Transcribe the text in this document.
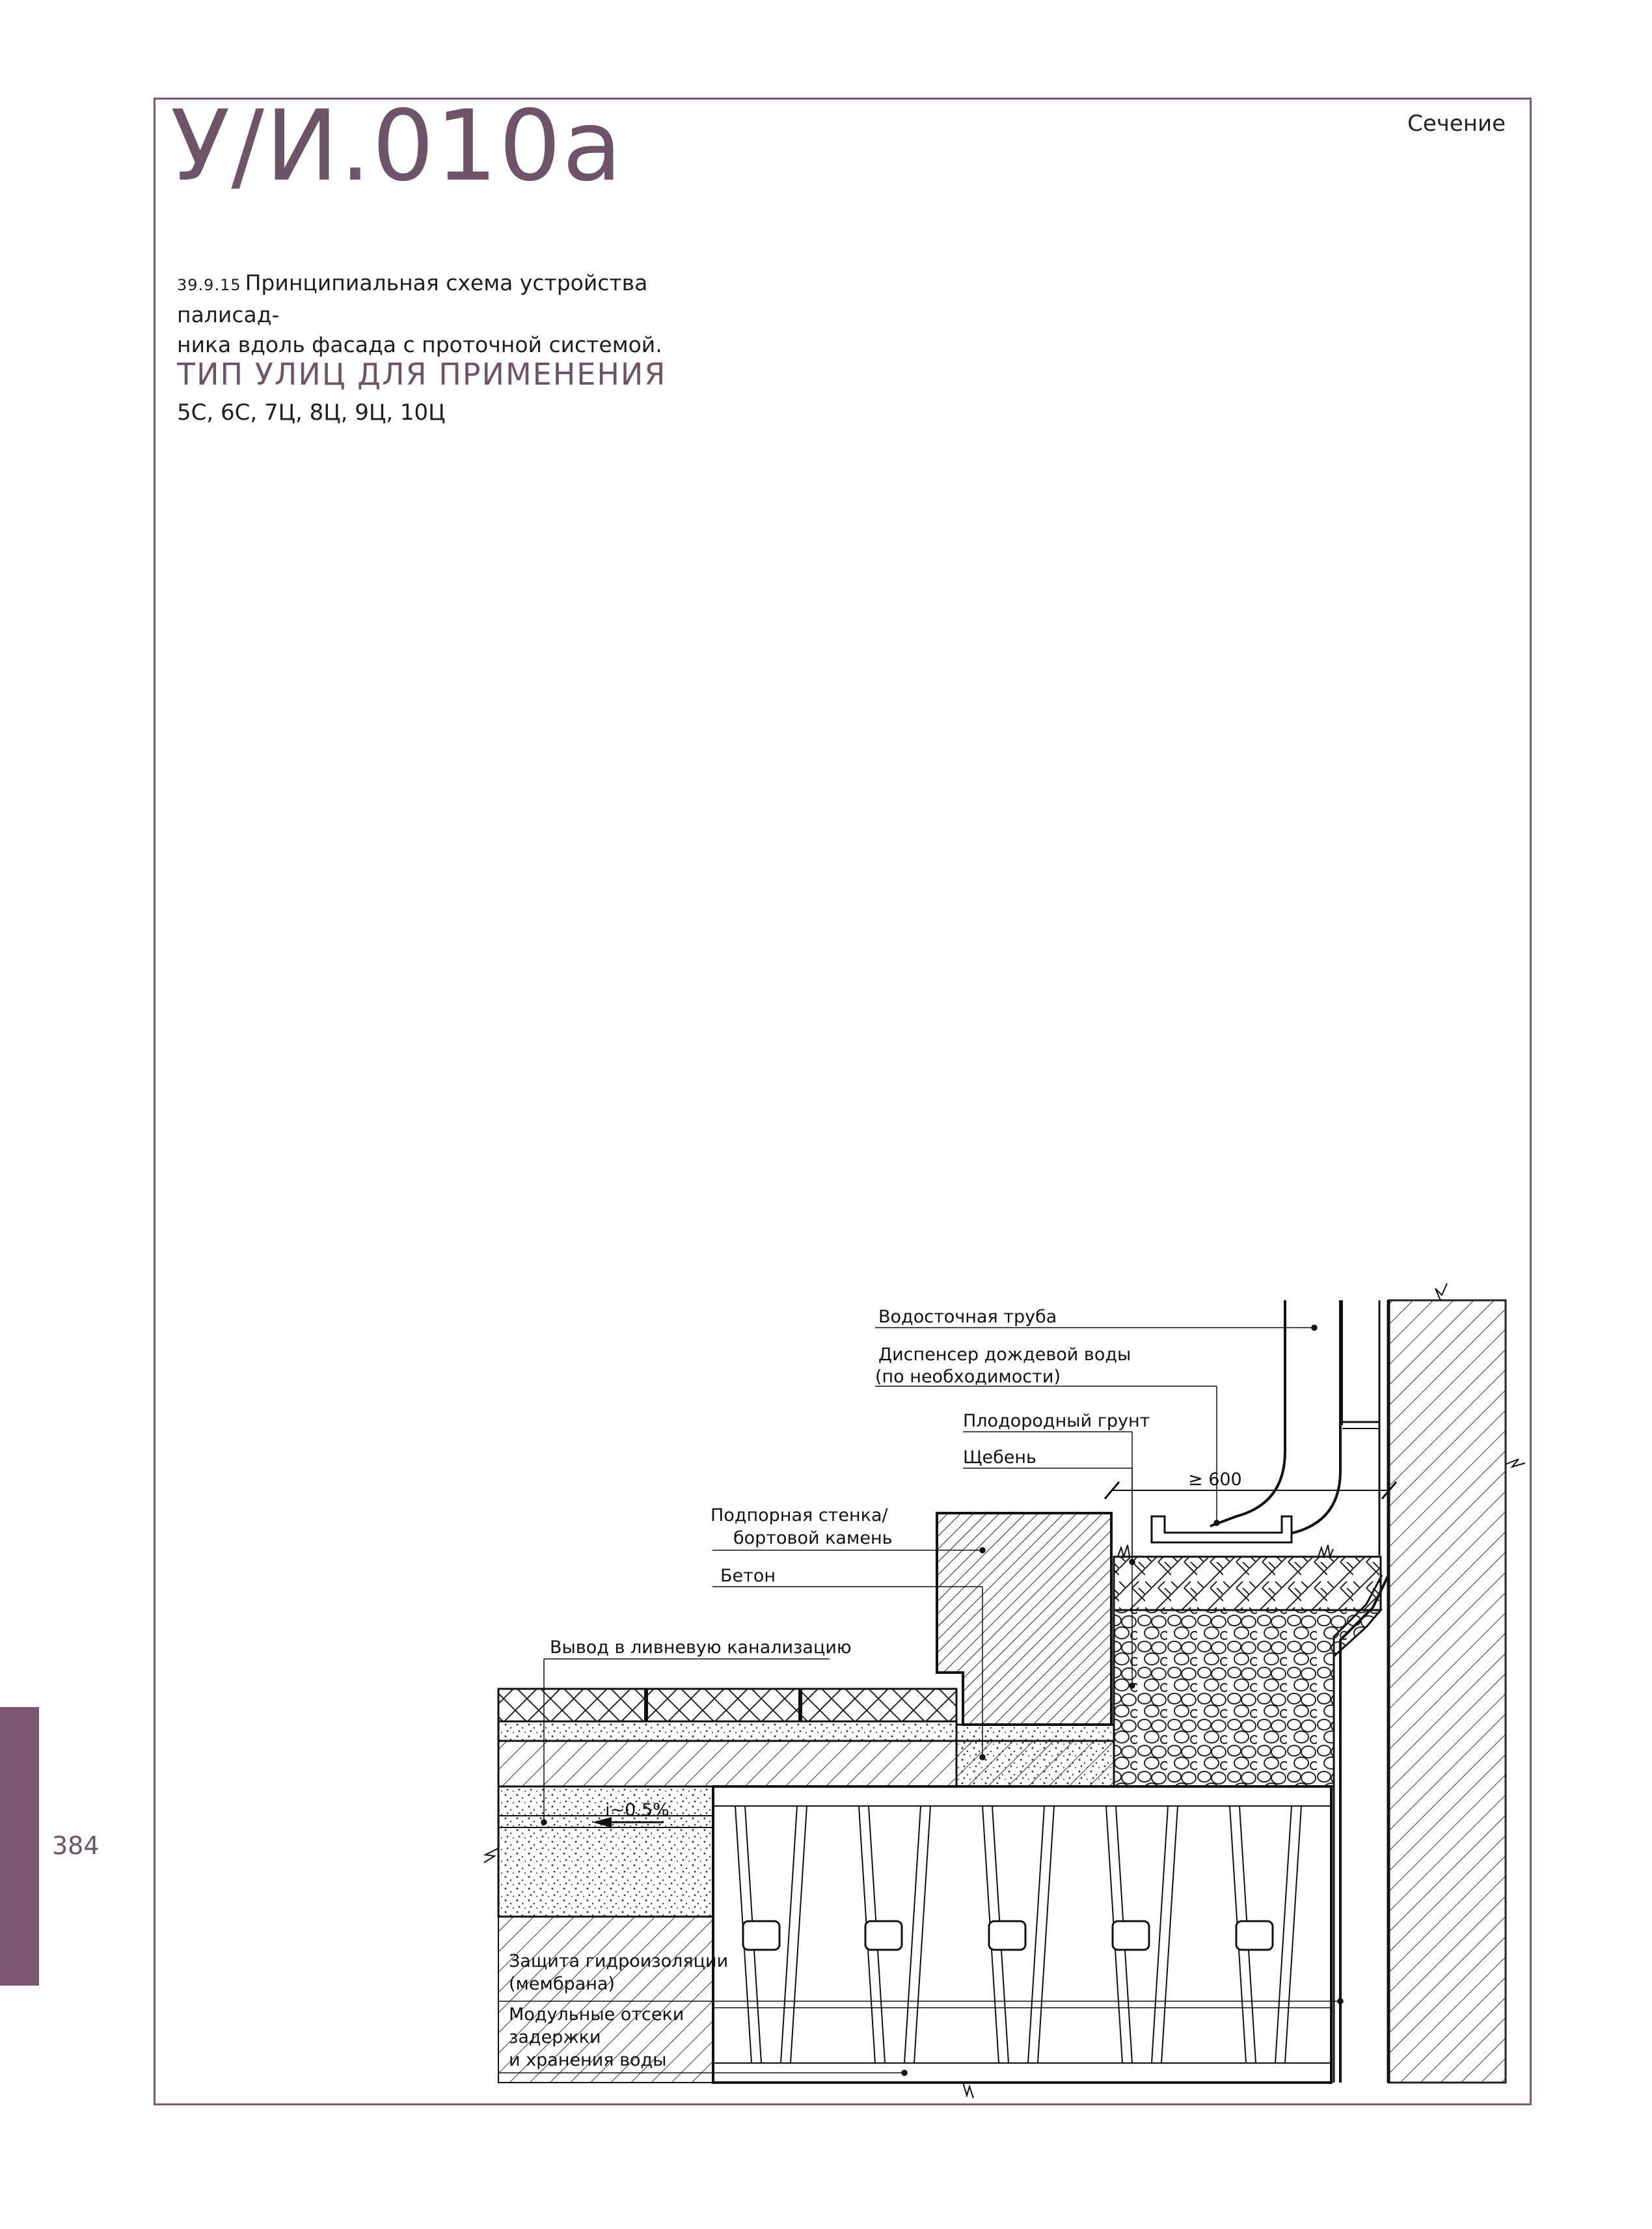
У/И.010а	Сечение
39.9.15 Принципиальная схема устройства палисад-
ника вдоль фасада с проточной системой.
ТИП УЛИЦ ДЛЯ ПРИМЕНЕНИЯ
5С, 6С, 7Ц, 8Ц, 9Ц, 10Ц
384
Водосточная труба
Диспенсер дождевой воды
(по необходимости)
Плодородный грунт
Щебень
≥ 600
Подпорная стенка/
бортовой камень
Бетон
Вывод в ливневую канализацию
i~0.5%
Защита гидроизоляции
(мембрана)
Модульные отсеки
задержки
и хранения воды
